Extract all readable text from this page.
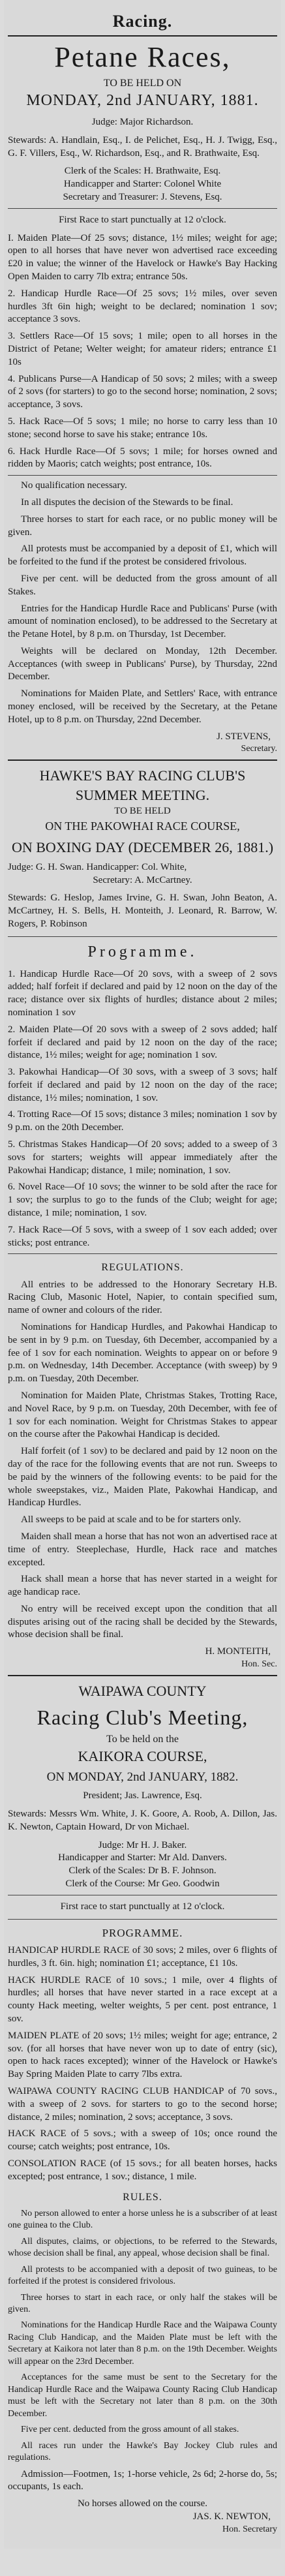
Racing.
Petane Races,
TO BE HELD ON
MONDAY, 2nd JANUARY, 1881.
Judge: Major Richardson.
Stewards: A. Handlain, Esq., I. de Pelichet, Esq., H. J. Twigg, Esq., G. F. Villers, Esq., W. Richardson, Esq., and R. Brathwaite, Esq.
Clerk of the Scales: H. Brathwaite, Esq.
Handicapper and Starter: Colonel White
Secretary and Treasurer: J. Stevens, Esq.
First Race to start punctually at 12 o'clock.
I. Maiden Plate—Of 25 sovs; distance, 1½ miles; weight for age; open to all horses that have never won advertised race exceeding £20 in value; the winner of the Havelock or Hawke's Bay Hacking Open Maiden to carry 7lb extra; entrance 50s.
2. Handicap Hurdle Race—Of 25 sovs; 1½ miles, over seven hurdles 3ft 6in high; weight to be declared; nomination 1 sov; acceptance 3 sovs.
3. Settlers Race—Of 15 sovs; 1 mile; open to all horses in the District of Petane; Welter weight; for amateur riders; entrance £1 10s
4. Publicans Purse—A Handicap of 50 sovs; 2 miles; with a sweep of 2 sovs (for starters) to go to the second horse; nomination, 2 sovs; acceptance, 3 sovs.
5. Hack Race—Of 5 sovs; 1 mile; no horse to carry less than 10 stone; second horse to save his stake; entrance 10s.
6. Hack Hurdle Race—Of 5 sovs; 1 mile; for horses owned and ridden by Maoris; catch weights; post entrance, 10s.
No qualification necessary.
In all disputes the decision of the Stewards to be final.
Three horses to start for each race, or no public money will be given.
All protests must be accompanied by a deposit of £1, which will be forfeited to the fund if the protest be considered frivolous.
Five per cent. will be deducted from the gross amount of all Stakes.
Entries for the Handicap Hurdle Race and Publicans' Purse (with amount of nomination enclosed), to be addressed to the Secretary at the Petane Hotel, by 8 p.m. on Thursday, 1st December.
Weights will be declared on Monday, 12th December. Acceptances (with sweep in Publicans' Purse), by Thursday, 22nd December.
Nominations for Maiden Plate, and Settlers' Race, with entrance money enclosed, will be received by the Secretary, at the Petane Hotel, up to 8 p.m. on Thursday, 22nd December.
J. STEVENS,
Secretary.
HAWKE'S BAY RACING CLUB'S
SUMMER MEETING.
TO BE HELD
ON THE PAKOWHAI RACE COURSE,
ON BOXING DAY (DECEMBER 26, 1881.)
Judge: G. H. Swan. Handicapper: Col. White,
Secretary: A. McCartney.
Stewards: G. Heslop, James Irvine, G. H. Swan, John Beaton, A. McCartney, H. S. Bells, H. Monteith, J. Leonard, R. Barrow, W. Rogers, P. Robinson
Programme.
1. Handicap Hurdle Race—Of 20 sovs, with a sweep of 2 sovs added; half forfeit if declared and paid by 12 noon on the day of the race; distance over six flights of hurdles; distance about 2 miles; nomination 1 sov
2. Maiden Plate—Of 20 sovs with a sweep of 2 sovs added; half forfeit if declared and paid by 12 noon on the day of the race; distance, 1½ miles; weight for age; nomination 1 sov.
3. Pakowhai Handicap—Of 30 sovs, with a sweep of 3 sovs; half forfeit if declared and paid by 12 noon on the day of the race; distance, 1½ miles; nomination, 1 sov.
4. Trotting Race—Of 15 sovs; distance 3 miles; nomination 1 sov by 9 p.m. on the 20th December.
5. Christmas Stakes Handicap—Of 20 sovs; added to a sweep of 3 sovs for starters; weights will appear immediately after the Pakowhai Handicap; distance, 1 mile; nomination, 1 sov.
6. Novel Race—Of 10 sovs; the winner to be sold after the race for 1 sov; the surplus to go to the funds of the Club; weight for age; distance, 1 mile; nomination, 1 sov.
7. Hack Race—Of 5 sovs, with a sweep of 1 sov each added; over sticks; post entrance.
REGULATIONS.
All entries to be addressed to the Honorary Secretary H.B. Racing Club, Masonic Hotel, Napier, to contain specified sum, name of owner and colours of the rider.
Nominations for Handicap Hurdles, and Pakowhai Handicap to be sent in by 9 p.m. on Tuesday, 6th December, accompanied by a fee of 1 sov for each nomination. Weights to appear on or before 9 p.m. on Wednesday, 14th December. Acceptance (with sweep) by 9 p.m. on Tuesday, 20th December.
Nomination for Maiden Plate, Christmas Stakes, Trotting Race, and Novel Race, by 9 p.m. on Tuesday, 20th December, with fee of 1 sov for each nomination. Weight for Christmas Stakes to appear on the course after the Pakowhai Handicap is decided.
Half forfeit (of 1 sov) to be declared and paid by 12 noon on the day of the race for the following events that are not run. Sweeps to be paid by the winners of the following events: to be paid for the whole sweepstakes, viz., Maiden Plate, Pakowhai Handicap, and Handicap Hurdles.
All sweeps to be paid at scale and to be for starters only.
Maiden shall mean a horse that has not won an advertised race at time of entry. Steeplechase, Hurdle, Hack race and matches excepted.
Hack shall mean a horse that has never started in a weight for age handicap race.
No entry will be received except upon the condition that all disputes arising out of the racing shall be decided by the Stewards, whose decision shall be final.
H. MONTEITH,
Hon. Sec.
WAIPAWA COUNTY
Racing Club's Meeting,
To be held on the
KAIKORA COURSE,
ON MONDAY, 2nd JANUARY, 1882.
President; Jas. Lawrence, Esq.
Stewards: Messrs Wm. White, J. K. Goore, A. Roob, A. Dillon, Jas. K. Newton, Captain Howard, Dr von Michael.
Judge: Mr H. J. Baker.
Handicapper and Starter: Mr Ald. Danvers.
Clerk of the Scales: Dr B. F. Johnson.
Clerk of the Course: Mr Geo. Goodwin
First race to start punctually at 12 o'clock.
PROGRAMME.
HANDICAP HURDLE RACE of 30 sovs; 2 miles, over 6 flights of hurdles, 3 ft. 6in. high; nomination £1; acceptance, £1 10s.
HACK HURDLE RACE of 10 sovs.; 1 mile, over 4 flights of hurdles; all horses that have never started in a race except at a county Hack meeting, welter weights, 5 per cent. post entrance, 1 sov.
MAIDEN PLATE of 20 sovs; 1½ miles; weight for age; entrance, 2 sov. (for all horses that have never won up to date of entry (sic), open to hack races excepted); winner of the Havelock or Hawke's Bay Spring Maiden Plate to carry 7lbs extra.
WAIPAWA COUNTY RACING CLUB HANDICAP of 70 sovs., with a sweep of 2 sovs. for starters to go to the second horse; distance, 2 miles; nomination, 2 sovs; acceptance, 3 sovs.
HACK RACE of 5 sovs.; with a sweep of 10s; once round the course; catch weights; post entrance, 10s.
CONSOLATION RACE (of 15 sovs.; for all beaten horses, hacks excepted; post entrance, 1 sov.; distance, 1 mile.
RULES.
No person allowed to enter a horse unless he is a subscriber of at least one guinea to the Club.
All disputes, claims, or objections, to be referred to the Stewards, whose decision shall be final, any appeal, whose decision shall be final.
All protests to be accompanied with a deposit of two guineas, to be forfeited if the protest is considered frivolous.
Three horses to start in each race, or only half the stakes will be given.
Nominations for the Handicap Hurdle Race and the Waipawa County Racing Club Handicap, and the Maiden Plate must be left with the Secretary at Kaikora not later than 8 p.m. on the 19th December. Weights will appear on the 23rd December.
Acceptances for the same must be sent to the Secretary for the Handicap Hurdle Race and the Waipawa County Racing Club Handicap must be left with the Secretary not later than 8 p.m. on the 30th December.
Five per cent. deducted from the gross amount of all stakes.
All races run under the Hawke's Bay Jockey Club rules and regulations.
Admission—Footmen, 1s; 1-horse vehicle, 2s 6d; 2-horse do, 5s; occupants, 1s each.
No horses allowed on the course.
JAS. K. NEWTON,
Hon. Secretary
